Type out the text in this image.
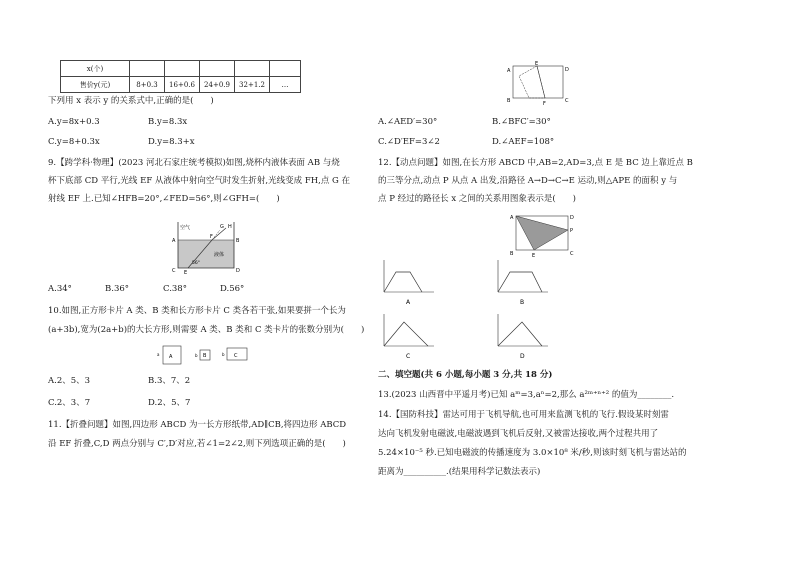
x(个)					
售价y(元)	8+0.3	16+0.6	24+0.9	32+1.2	…
下列用 x 表示 y 的关系式中,正确的是(　　)
A.y=8x+0.3	B.y=8.3x
C.y=8+0.3x	D.y=8.3+x
9.【跨学科·物理】(2023 河北石家庄统考模拟)如图,烧杯内液体表面 AB 与烧
杯下底部 CD 平行,光线 EF 从液体中射向空气时发生折射,光线变成 FH,点 G 在
射线 EF 上.已知∠HFB=20°,∠FED=56°,则∠GFH=(　　)
空气
液体
56°
A	B
C	D
E
F
G H
A.34°	B.36°	C.38°	D.56°
10.如图,正方形卡片 A 类、B 类和长方形卡片 C 类各若干张,如果要拼一个长为
(a+3b),宽为(2a+b)的大长方形,则需要 A 类、B 类和 C 类卡片的张数分别为(　　)
A
a	B
b	C
b
A.2、5、3	B.3、7、2
C.2、3、7	D.2、5、7
11.【折叠问题】如图,四边形 ABCD 为一长方形纸带,AD∥CB,将四边形 ABCD
沿 EF 折叠,C,D 两点分别与 C′,D′对应,若∠1=2∠2,则下列选项正确的是(　　)
A
E
D
B	F	C
A.∠AED′=30°	B.∠BFC′=30°
C.∠D′EF=3∠2	D.∠AEF=108°
12.【动点问题】如图,在长方形 ABCD 中,AB=2,AD=3,点 E 是 BC 边上靠近点 B
的三等分点,动点 P 从点 A 出发,沿路径 A→D→C→E 运动,则△APE 的面积 y 与
点 P 经过的路径长 x 之间的关系用图象表示是(　　)
A	D
P
B	E	C
A	B
C	D
二、填空题(共 6 小题,每小题 3 分,共 18 分)
13.(2023 山西晋中平遥月考)已知 aᵐ=3,aⁿ=2,那么 a²ᵐ⁺ⁿ⁺² 的值为________.
14.【国防科技】雷达可用于飞机导航,也可用来监测飞机的飞行.假设某时刻雷
达向飞机发射电磁波,电磁波遇到飞机后反射,又被雷达接收,两个过程共用了
5.24×10⁻⁵ 秒.已知电磁波的传播速度为 3.0×10⁸ 米/秒,则该时刻飞机与雷达站的
距离为__________.(结果用科学记数法表示)
